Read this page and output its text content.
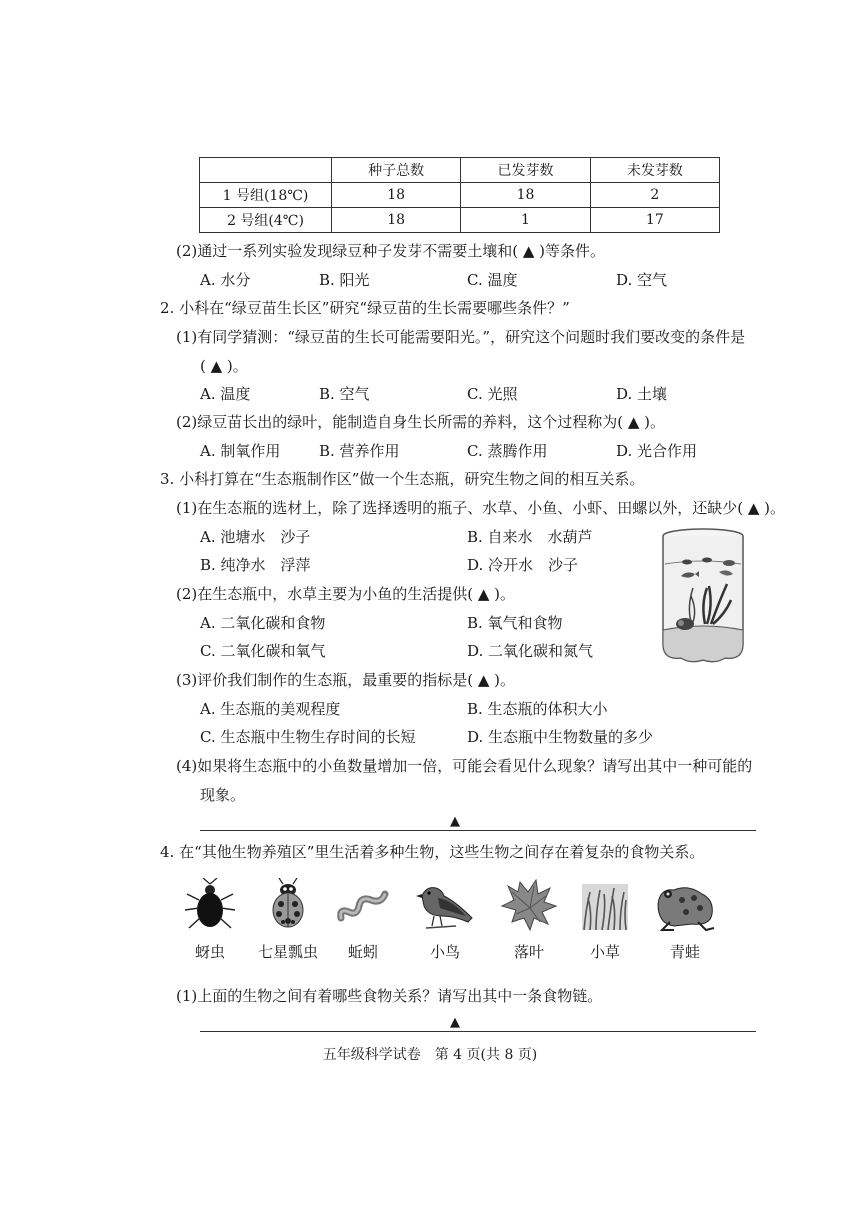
	种子总数	已发芽数	未发芽数
1 号组(18℃)	18	18	2
2 号组(4℃)	18	1	17
(2)通过一系列实验发现绿豆种子发芽不需要土壤和( ▲ )等条件。
A. 水分	B. 阳光	C. 温度	D. 空气
2. 小科在“绿豆苗生长区”研究“绿豆苗的生长需要哪些条件？”
(1)有同学猜测：“绿豆苗的生长可能需要阳光。”，研究这个问题时我们要改变的条件是
( ▲ )。
A. 温度	B. 空气	C. 光照	D. 土壤
(2)绿豆苗长出的绿叶，能制造自身生长所需的养料，这个过程称为( ▲ )。
A. 制氧作用	B. 营养作用	C. 蒸腾作用	D. 光合作用
3. 小科打算在“生态瓶制作区”做一个生态瓶，研究生物之间的相互关系。
(1)在生态瓶的选材上，除了选择透明的瓶子、水草、小鱼、小虾、田螺以外，还缺少( ▲ )。
A. 池塘水　沙子	B. 自来水　水葫芦
B. 纯净水　浮萍	D. 冷开水　沙子
(2)在生态瓶中，水草主要为小鱼的生活提供( ▲ )。
A. 二氧化碳和食物	B. 氧气和食物
C. 二氧化碳和氧气	D. 二氧化碳和氮气
(3)评价我们制作的生态瓶，最重要的指标是( ▲ )。
A. 生态瓶的美观程度	B. 生态瓶的体积大小
C. 生态瓶中生物生存时间的长短	D. 生态瓶中生物数量的多少
(4)如果将生态瓶中的小鱼数量增加一倍，可能会看见什么现象？请写出其中一种可能的
现象。
▲
4. 在“其他生物养殖区”里生活着多种生物，这些生物之间存在着复杂的食物关系。
蚜虫	七星瓢虫	蚯蚓	小鸟	落叶	小草	青蛙
(1)上面的生物之间有着哪些食物关系？请写出其中一条食物链。
▲
五年级科学试卷　第 4 页(共 8 页)
